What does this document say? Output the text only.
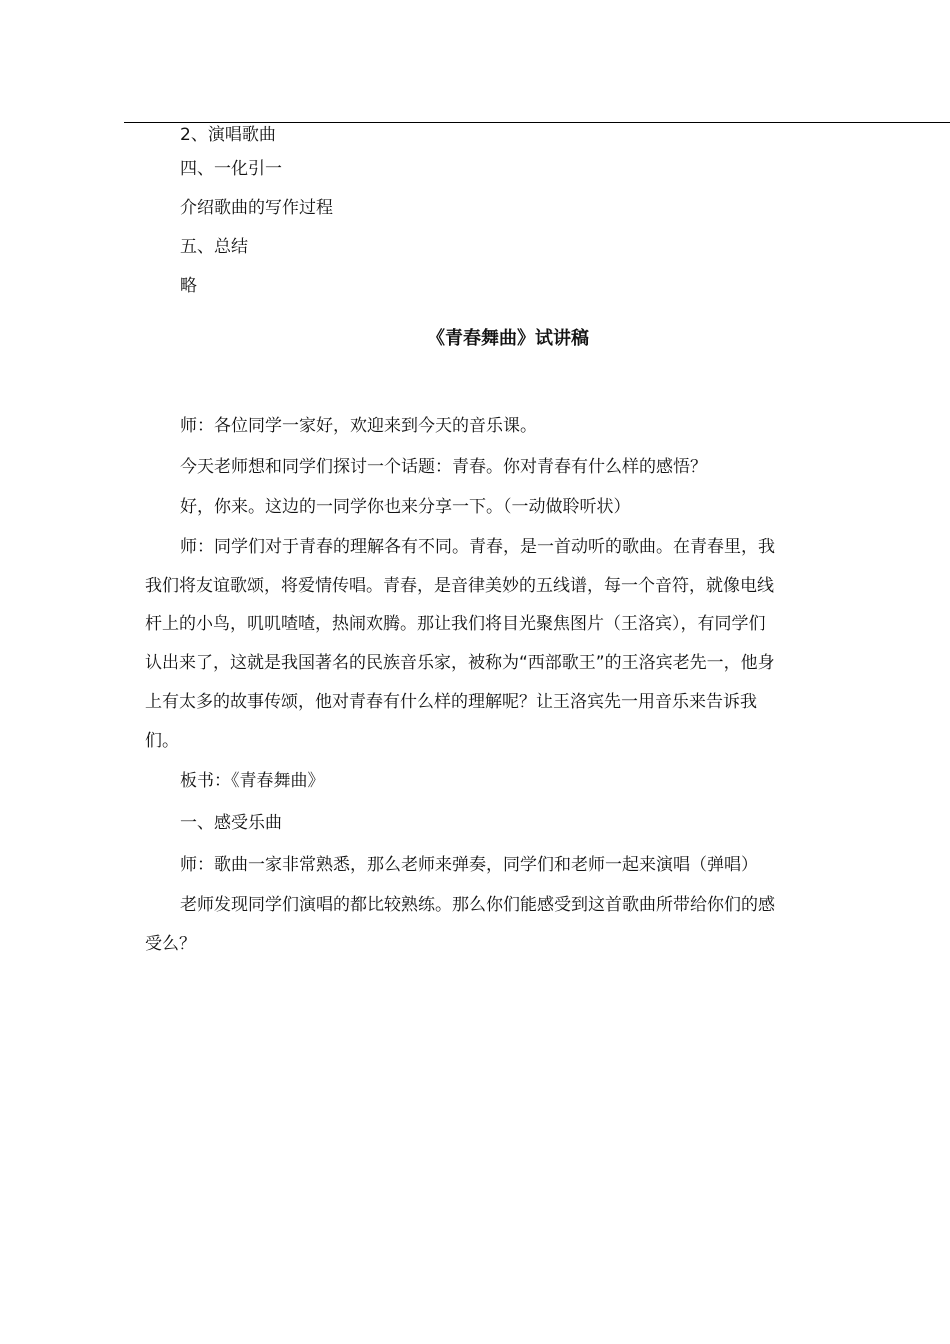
2、演唱歌曲
四、一化引一
介绍歌曲的写作过程
五、总结
略
《青春舞曲》试讲稿
师：各位同学一家好，欢迎来到今天的音乐课。
今天老师想和同学们探讨一个话题：青春。你对青春有什么样的感悟？
好，你来。这边的一同学你也来分享一下。（一动做聆听状）
师：同学们对于青春的理解各有不同。青春，是一首动听的歌曲。在青春里，我
我们将友谊歌颂，将爱情传唱。青春，是音律美妙的五线谱，每一个音符，就像电线
杆上的小鸟，叽叽喳喳，热闹欢腾。那让我们将目光聚焦图片（王洛宾），有同学们
认出来了，这就是我国著名的民族音乐家，被称为“西部歌王”的王洛宾老先一，他身
上有太多的故事传颂，他对青春有什么样的理解呢？让王洛宾先一用音乐来告诉我
们。
板书：《青春舞曲》
一、感受乐曲
师：歌曲一家非常熟悉，那么老师来弹奏，同学们和老师一起来演唱（弹唱）
老师发现同学们演唱的都比较熟练。那么你们能感受到这首歌曲所带给你们的感
受么？
